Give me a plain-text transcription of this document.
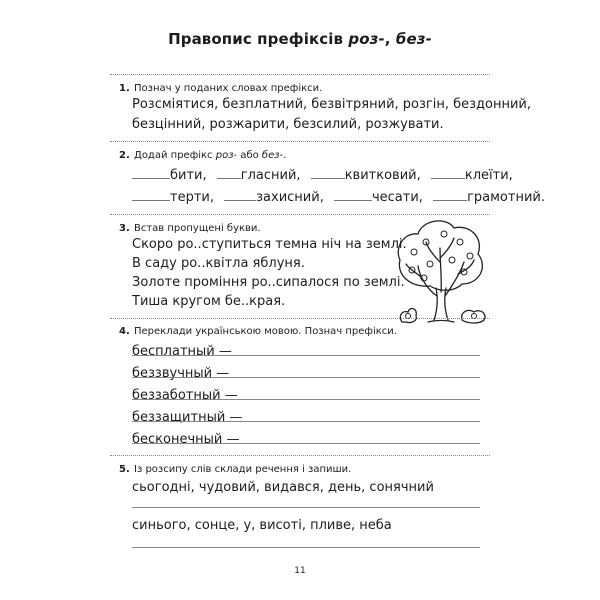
Правопис префіксів роз-, без-
1. Познач у поданих словах префікси.
Розсміятися, безплатний, безвітряний, розгін, бездонний,
безцінний, розжарити, безсилий, розжувати.
2. Додай префікс роз- або без-.
бити,	гласний,	квитковий,	клеїти,
терти,	захисний,	чесати,	грамотний.
3. Встав пропущені букви.
Скоро ро..ступиться темна ніч на землі.
В саду ро..квітла яблуня.
Золоте проміння ро..сипалося по землі.
Тиша кругом бе..края.
4. Переклади українською мовою. Познач префікси.
бесплатный —
беззвучный —
беззаботный —
беззащитный —
бесконечный —
5. Із розсипу слів склади речення і запиши.
сьогодні, чудовий, видався, день, сонячний
синього, сонце, у, висоті, пливе, неба
11
